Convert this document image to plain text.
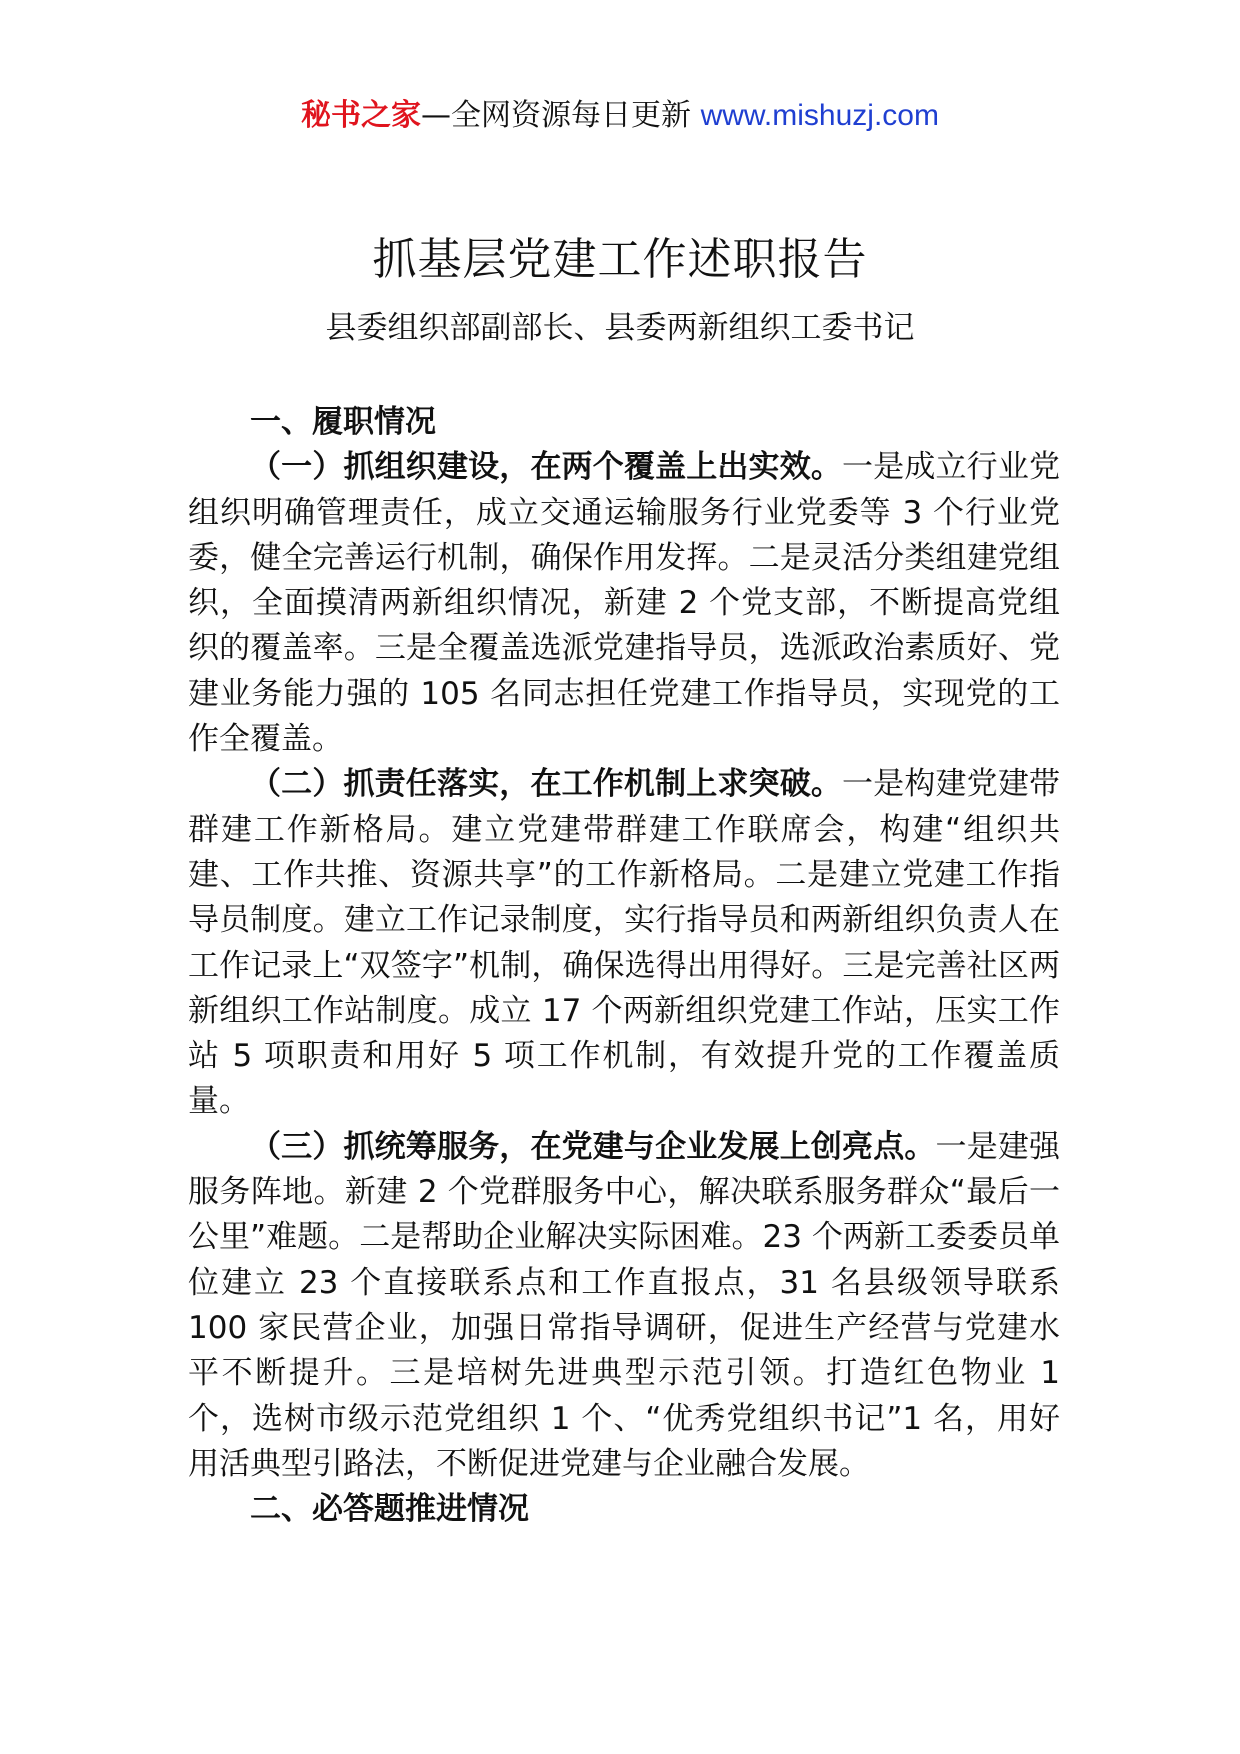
秘书之家—全网资源每日更新 www.mishuzj.com
抓基层党建工作述职报告
县委组织部副部长、县委两新组织工委书记
一、履职情况

（一）抓组织建设，在两个覆盖上出实效。一是成立行业党组织明确管理责任，成立交通运输服务行业党委等 3 个行业党委，健全完善运行机制，确保作用发挥。二是灵活分类组建党组织，全面摸清两新组织情况，新建 2 个党支部，不断提高党组织的覆盖率。三是全覆盖选派党建指导员，选派政治素质好、党建业务能力强的 105 名同志担任党建工作指导员，实现党的工作全覆盖。

（二）抓责任落实，在工作机制上求突破。一是构建党建带群建工作新格局。建立党建带群建工作联席会，构建“组织共建、工作共推、资源共享”的工作新格局。二是建立党建工作指导员制度。建立工作记录制度，实行指导员和两新组织负责人在工作记录上“双签字”机制，确保选得出用得好。三是完善社区两新组织工作站制度。成立 17 个两新组织党建工作站，压实工作站 5 项职责和用好 5 项工作机制，有效提升党的工作覆盖质量。

（三）抓统筹服务，在党建与企业发展上创亮点。一是建强服务阵地。新建 2 个党群服务中心，解决联系服务群众“最后一公里”难题。二是帮助企业解决实际困难。23 个两新工委委员单位建立 23 个直接联系点和工作直报点，31 名县级领导联系 100 家民营企业，加强日常指导调研，促进生产经营与党建水平不断提升。三是培树先进典型示范引领。打造红色物业 1 个，选树市级示范党组织 1 个、“优秀党组织书记”1 名，用好用活典型引路法，不断促进党建与企业融合发展。

二、必答题推进情况
